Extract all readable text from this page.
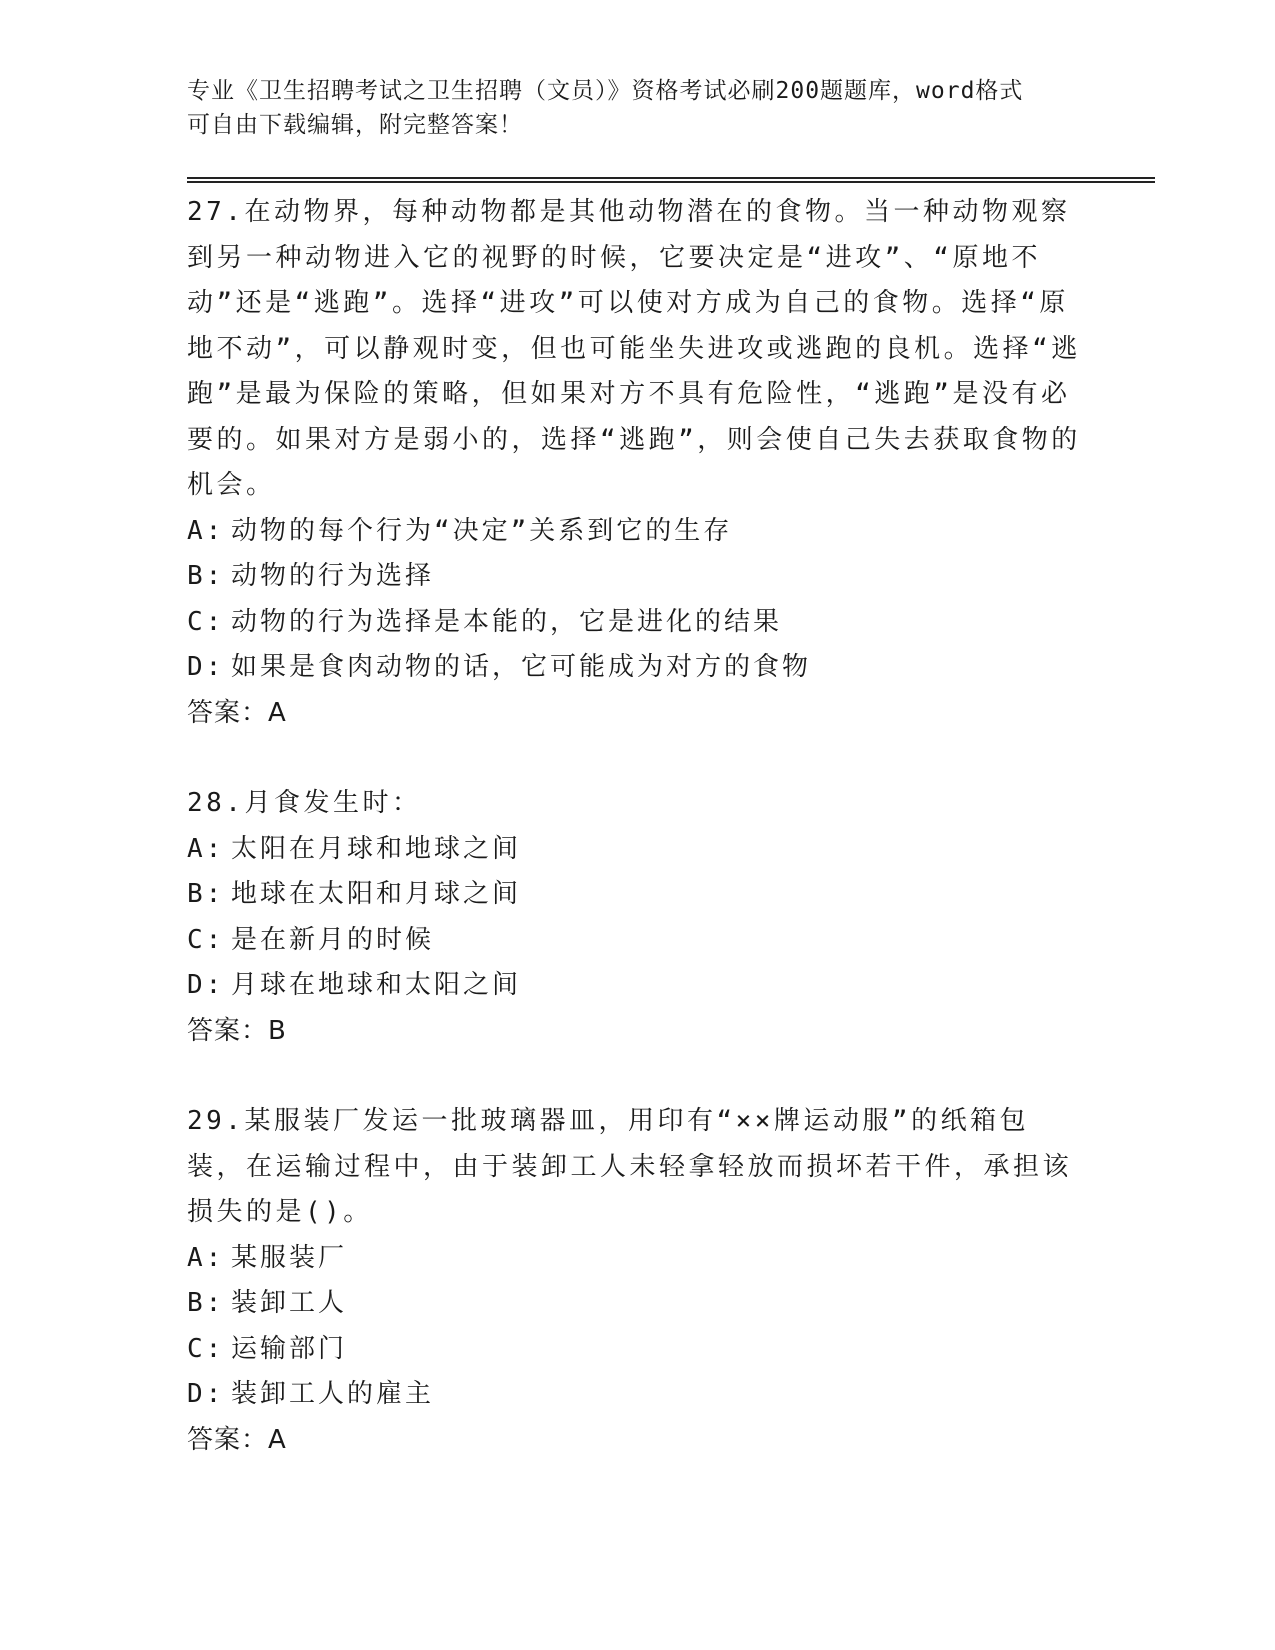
专业《卫生招聘考试之卫生招聘（文员）》资格考试必刷200题题库，word格式
可自由下载编辑，附完整答案！

27.在动物界，每种动物都是其他动物潜在的食物。当一种动物观察到另一种动物进入它的视野的时候，它要决定是“进攻”、“原地不动”还是“逃跑”。选择“进攻”可以使对方成为自己的食物。选择“原地不动”，可以静观时变，但也可能坐失进攻或逃跑的良机。选择“逃跑”是最为保险的策略，但如果对方不具有危险性，“逃跑”是没有必要的。如果对方是弱小的，选择“逃跑”，则会使自己失去获取食物的机会。

A: 动物的每个行为“决定”关系到它的生存
B: 动物的行为选择
C: 动物的行为选择是本能的，它是进化的结果
D: 如果是食肉动物的话，它可能成为对方的食物

答案：A

28.月食发生时：

A: 太阳在月球和地球之间
B: 地球在太阳和月球之间
C: 是在新月的时候
D: 月球在地球和太阳之间

答案：B

29.某服装厂发运一批玻璃器皿，用印有“××牌运动服”的纸箱包装，在运输过程中，由于装卸工人未轻拿轻放而损坏若干件，承担该损失的是()。

A: 某服装厂
B: 装卸工人
C: 运输部门
D: 装卸工人的雇主

答案：A
